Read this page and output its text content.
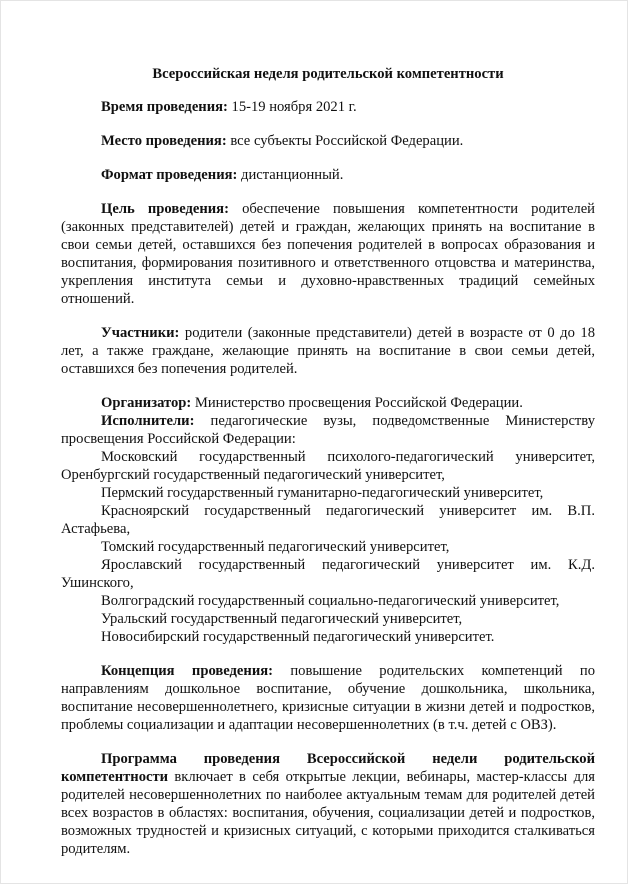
Всероссийская неделя родительской компетентности

Время проведения: 15-19 ноября 2021 г.

Место проведения: все субъекты Российской Федерации.

Формат проведения: дистанционный.

Цель проведения: обеспечение повышения компетентности родителей (законных представителей) детей и граждан, желающих принять на воспитание в свои семьи детей, оставшихся без попечения родителей в вопросах образования и воспитания, формирования позитивного и ответственного отцовства и материнства, укрепления института семьи и духовно-нравственных традиций семейных отношений.

Участники: родители (законные представители) детей в возрасте от 0 до 18 лет, а также граждане, желающие принять на воспитание в свои семьи детей, оставшихся без попечения родителей.

Организатор: Министерство просвещения Российской Федерации.

Исполнители: педагогические вузы, подведомственные Министерству просвещения Российской Федерации:

Московский государственный психолого-педагогический университет, Оренбургский государственный педагогический университет,

Пермский государственный гуманитарно-педагогический университет,

Красноярский государственный педагогический университет им. В.П. Астафьева,

Томский государственный педагогический университет,

Ярославский государственный педагогический университет им. К.Д. Ушинского,

Волгоградский государственный социально-педагогический университет,

Уральский государственный педагогический университет,

Новосибирский государственный педагогический университет.

Концепция проведения: повышение родительских компетенций по направлениям дошкольное воспитание, обучение дошкольника, школьника, воспитание несовершеннолетнего, кризисные ситуации в жизни детей и подростков, проблемы социализации и адаптации несовершеннолетних (в т.ч. детей с ОВЗ).

Программа проведения Всероссийской недели родительской компетентности включает в себя открытые лекции, вебинары, мастер-классы для родителей несовершеннолетних по наиболее актуальным темам для родителей детей всех возрастов в областях: воспитания, обучения, социализации детей и подростков, возможных трудностей и кризисных ситуаций, с которыми приходится сталкиваться родителям.
